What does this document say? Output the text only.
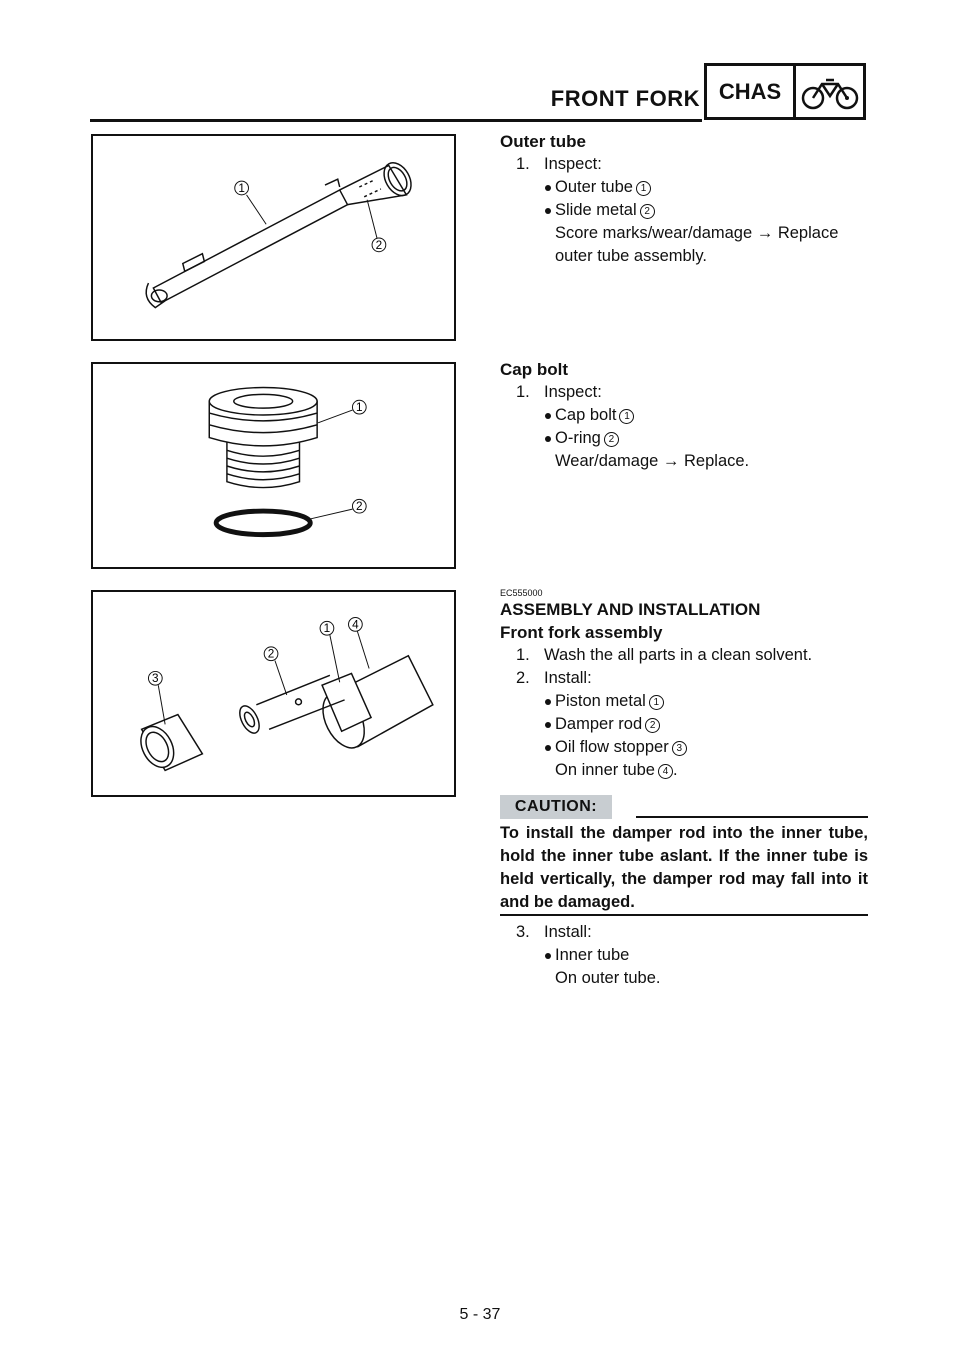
FRONT FORK CHAS
1
2
1
2
1 4
2
3
Outer tube
1. Inspect:
Outer tube 1
Slide metal 2
Score marks/wear/damage → Replace
outer tube assembly.
Cap bolt
1. Inspect:
Cap bolt 1
O-ring 2
Wear/damage → Replace.
EC555000
ASSEMBLY AND INSTALLATION
Front fork assembly
1. Wash the all parts in a clean solvent.
2. Install:
Piston metal 1
Damper rod 2
Oil flow stopper 3
On inner tube 4 .
CAUTION:
To install the damper rod into the inner tube, hold the inner tube aslant. If the inner tube is held vertically, the damper rod may fall into it and be damaged.
3. Install:
Inner tube
On outer tube.
5 - 37
